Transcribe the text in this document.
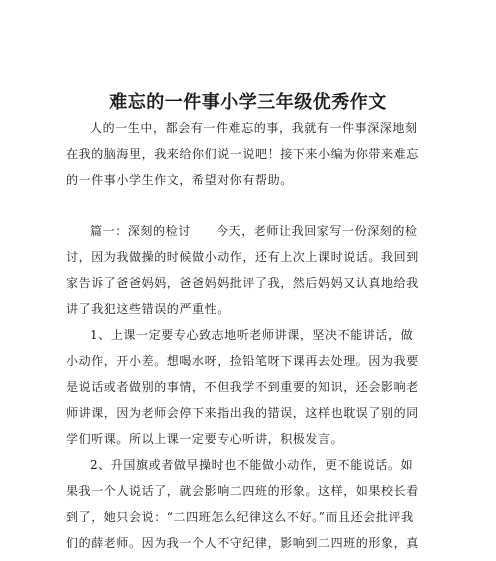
难忘的一件事小学三年级优秀作文
人的一生中，都会有一件难忘的事，我就有一件事深深地刻
在我的脑海里，我来给你们说一说吧！接下来小编为你带来难忘
的一件事小学生作文，希望对你有帮助。
篇一：深刻的检讨　　今天，老师让我回家写一份深刻的检
讨，因为我做操的时候做小动作，还有上次上课时说话。我回到
家告诉了爸爸妈妈，爸爸妈妈批评了我，然后妈妈又认真地给我
讲了我犯这些错误的严重性。
1、上课一定要专心致志地听老师讲课，坚决不能讲话，做
小动作，开小差。想喝水呀，捡铅笔呀下课再去处理。因为我要
是说话或者做别的事情，不但我学不到重要的知识，还会影响老
师讲课，因为老师会停下来指出我的错误，这样也耽误了别的同
学们听课。所以上课一定要专心听讲，积极发言。
2、升国旗或者做早操时也不能做小动作，更不能说话。如
果我一个人说话了，就会影响二四班的形象。这样，如果校长看
到了，她只会说：“二四班怎么纪律这么不好。”而且还会批评我
们的薛老师。因为我一个人不守纪律，影响到二四班的形象，真
